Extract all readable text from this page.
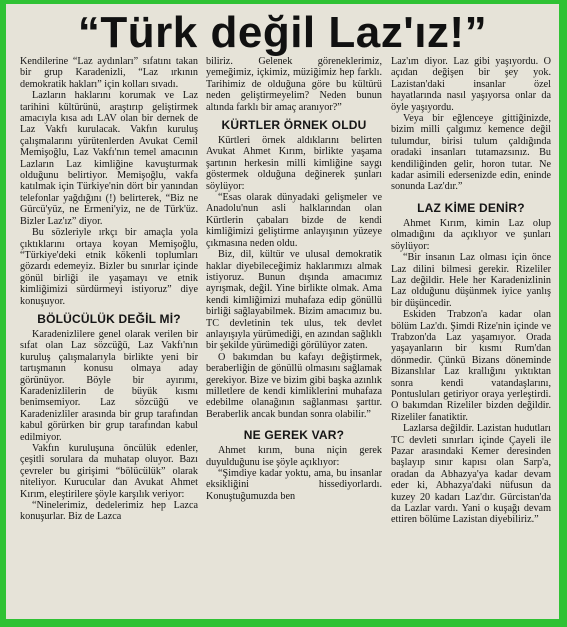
“Türk değil Laz'ız!”

Kendilerine “Laz aydınları” sıfatını takan bir grup Karadenizli, “Laz ırkının demokratik hakları” için kolları sıvadı.

Lazların haklarını korumak ve Laz tarihini kültürünü, araştırıp geliştirmek amacıyla kısa adı LAV olan bir dernek de Laz Vakfı kurulacak. Vakfın kuruluş çalışmalarını yürütenlerden Avukat Cemil Memişoğlu, Laz Vakfı'nın temel amacının Lazların Laz kimliğine kavuşturmak olduğunu belirtiyor. Memişoğlu, vakfa katılmak için Türkiye'nin dört bir yanından telefonlar yağdığını (!) belirterek, “Biz ne Gürcü'yüz, ne Ermeni'yiz, ne de Türk'üz. Bizler Laz'ız” diyor.

Bu sözleriyle ırkçı bir amaçla yola çıktıklarını ortaya koyan Memişoğlu, “Türkiye'deki etnik kökenli toplumları gözardı edemeyiz. Bizler bu sınırlar içinde gönül birliği ile yaşamayı ve etnik kimliğimizi sürdürmeyi istiyoruz” diye konuşuyor.

BÖLÜCÜLÜK DEĞİL Mİ?

Karadenizlilere genel olarak verilen bir sıfat olan Laz sözcüğü, Laz Vakfı'nın kuruluş çalışmalarıyla birlikte yeni bir tartışmanın konusu olmaya aday görünüyor. Böyle bir ayırımı, Karadenizlilerin de büyük kısmı benimsemiyor. Laz sözcüğü ve Karadenizliler arasında bir grup tarafından kabul görürken bir grup tarafından kabul edilmiyor.

Vakfın kuruluşuna öncülük edenler, çeşitli sorulara da muhatap oluyor. Bazı çevreler bu girişimi “bölücülük” olarak niteliyor. Kurucular dan Avukat Ahmet Kırım, eleştirilere şöyle karşılık veriyor:

“Ninelerimiz, dedelerimiz hep Lazca konuşurlar. Biz de Lazca

biliriz. Gelenek göreneklerimiz, yemeğimiz, içkimiz, müziğimiz hep farklı. Tarihimiz de olduğuna göre bu kültürü neden geliştirmeyelim? Neden bunun altında farklı bir amaç aranıyor?”

KÜRTLER ÖRNEK OLDU

Kürtleri örnek aldıklarını belirten Avukat Ahmet Kırım, birlikte yaşama şartının herkesin milli kimliğine saygı göstermek olduğuna değinerek şunları söylüyor:

“Esas olarak dünyadaki gelişmeler ve Anadolu'nun asli halklarından olan Kürtlerin çabaları bizde de kendi kimliğimizi geliştirme anlayışının yüzeye çıkmasına neden oldu.

Biz, dil, kültür ve ulusal demokratik haklar diyebileceğimiz haklarımızı almak istiyoruz. Bunun dışında amacımız ayrışmak, değil. Yine birlikte olmak. Ama kendi kimliğimizi muhafaza edip gönüllü birliği sağlayabilmek. Bizim amacımız bu. TC devletinin tek ulus, tek devlet anlayışıyla yürümediği, en azından sağlıklı bir şekilde yürümediği görülüyor zaten.

O bakımdan bu kafayı değiştirmek, beraberliğin de gönüllü olmasını sağlamak gerekiyor. Bize ve bizim gibi başka azınlık milletlere de kendi kimliklerini muhafaza edebilme olanağının sağlanması şarttır. Beraberlik ancak bundan sonra olabilir.”

NE GEREK VAR?

Ahmet kırım, buna niçin gerek duyulduğunu ise şöyle açıklıyor:

“Şimdiye kadar yoktu, ama, bu insanlar eksikliğini hissediyorlardı. Konuştuğumuzda ben

Laz'ım diyor. Laz gibi yaşıyordu. O açıdan değişen bir şey yok. Lazistan'daki insanlar özel hayatlarında nasıl yaşıyorsa onlar da öyle yaşıyordu.

Veya bir eğlenceye gittiğinizde, bizim milli çalgımız kemence değil tulumdur, birisi tulum çaldığında oradaki insanları tutamazsınız. Bu kendiliğinden gelir, horon tutar. Ne kadar asimili edersenizde edin, eninde sonunda Laz'dır.”

LAZ KİME DENİR?

Ahmet Kırım, kimin Laz olup olmadığını da açıklıyor ve şunları söylüyor:

“Bir insanın Laz olması için önce Laz dilini bilmesi gerekir. Rizeliler Laz değildir. Hele her Karadenizlinin Laz olduğunu düşünmek iyice yanlış bir düşüncedir.

Eskiden Trabzon'a kadar olan bölüm Laz'dı. Şimdi Rize'nin içinde ve Trabzon'da Laz yaşamıyor. Orada yaşayanların bir kısmı Rum'dan dönmedir. Çünkü Bizans döneminde Bizanslılar Laz krallığını yıktıktan sonra kendi vatandaşlarını, Pontusluları getiriyor oraya yerleştirdi. O bakımdan Rizeliler bizden değildir. Rizeliler fanatiktir.

Lazlarsa değildir. Lazistan hudutları TC devleti sınırları içinde Çayeli ile Pazar arasındaki Kemer deresinden başlayıp sınır kapısı olan Sarp'a, oradan da Abhazya'ya kadar devam eder ki, Abhazya'daki nüfusun da kuzey 20 kadarı Laz'dır. Gürcistan'da da Lazlar vardı. Yani o kuşağı devam ettiren bölüme Lazistan diyebiliriz.”
